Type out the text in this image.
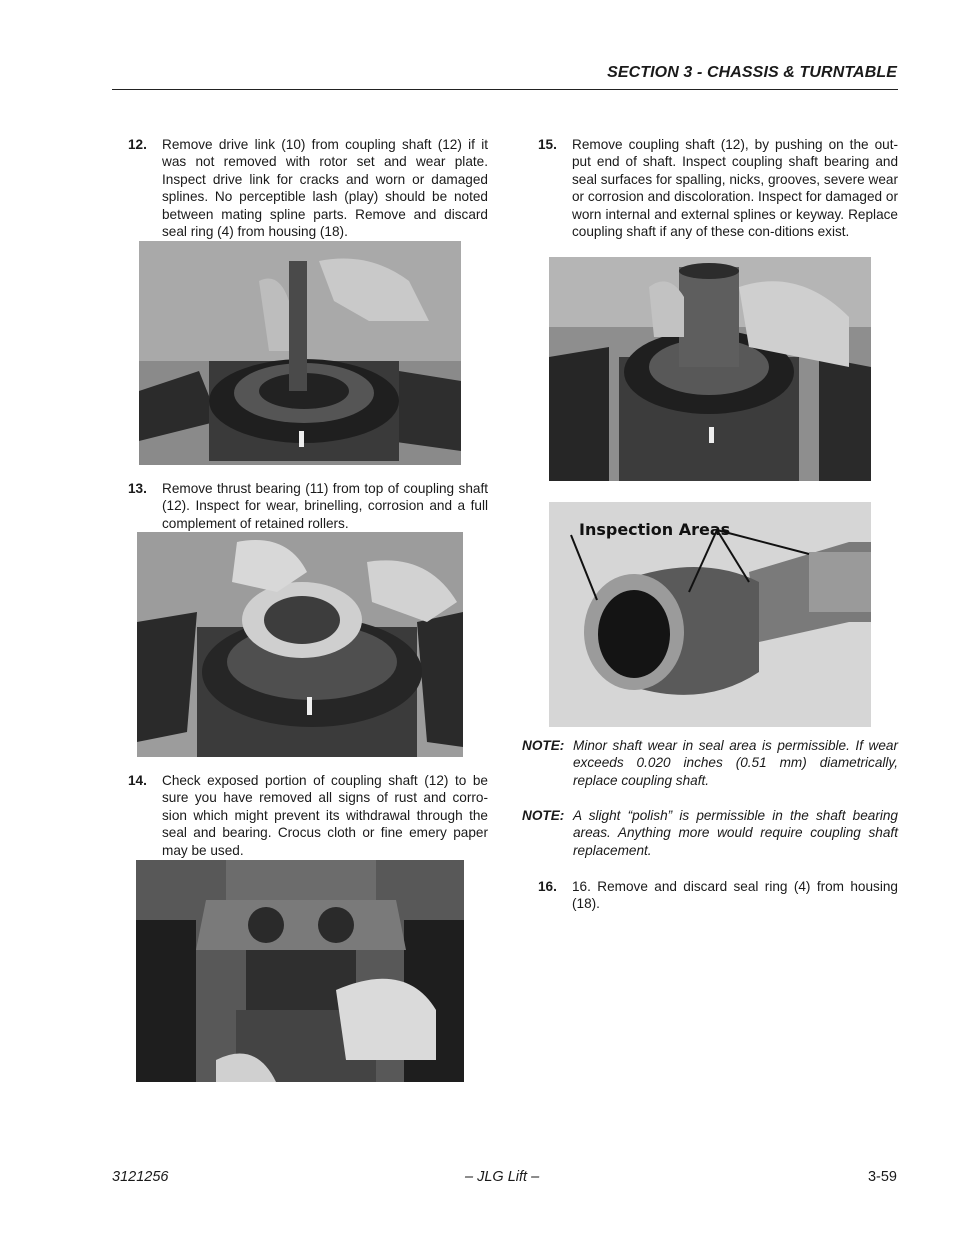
SECTION 3 - CHASSIS & TURNTABLE
12. Remove drive link (10) from coupling shaft (12) if it was not removed with rotor set and wear plate. Inspect drive link for cracks and worn or damaged splines. No perceptible lash (play) should be noted between mating spline parts. Remove and discard seal ring (4) from housing (18).
13. Remove thrust bearing (11) from top of coupling shaft (12). Inspect for wear, brinelling, corrosion and a full complement of retained rollers.
14. Check exposed portion of coupling shaft (12) to be sure you have removed all signs of rust and corro-sion which might prevent its withdrawal through the seal and bearing. Crocus cloth or fine emery paper may be used.
15. Remove coupling shaft (12), by pushing on the out-put end of shaft. Inspect coupling shaft bearing and seal surfaces for spalling, nicks, grooves, severe wear or corrosion and discoloration. Inspect for damaged or worn internal and external splines or keyway. Replace coupling shaft if any of these con-ditions exist.
Inspection Areas
NOTE: Minor shaft wear in seal area is permissible. If wear exceeds 0.020 inches (0.51 mm) diametrically, replace coupling shaft.
NOTE: A slight “polish” is permissible in the shaft bearing areas. Anything more would require coupling shaft replacement.
16. 16. Remove and discard seal ring (4) from housing (18).
3121256	– JLG Lift –	3-59
